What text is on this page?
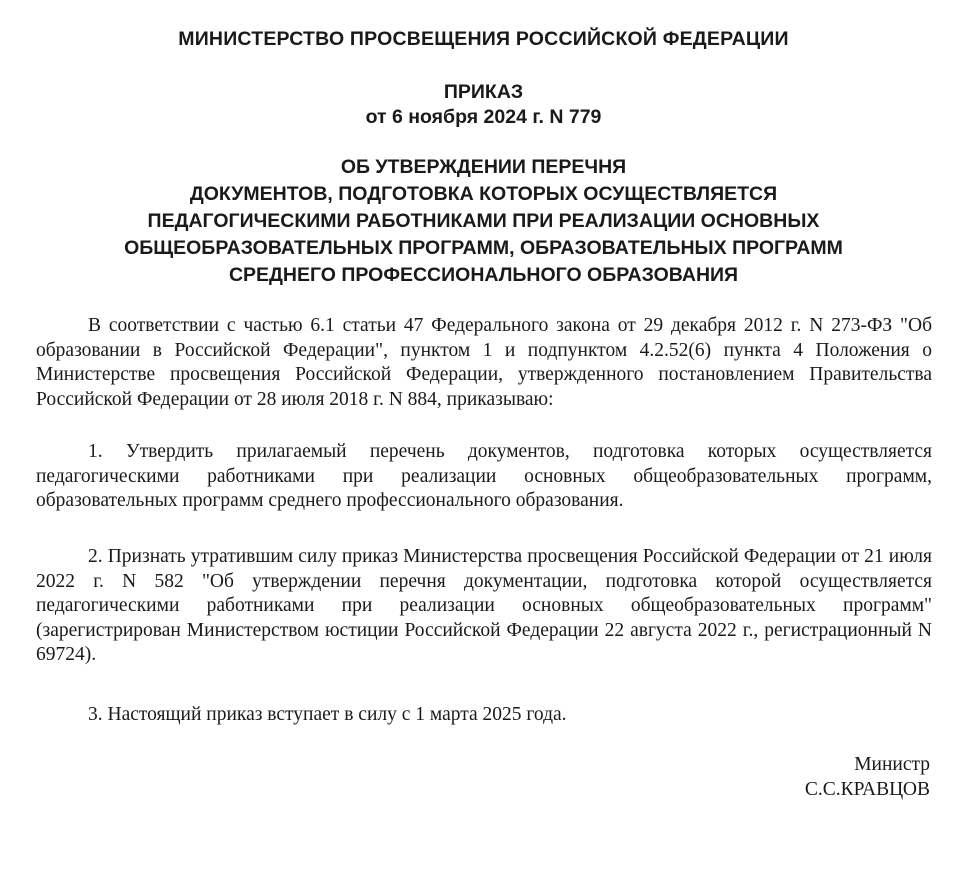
МИНИСТЕРСТВО ПРОСВЕЩЕНИЯ РОССИЙСКОЙ ФЕДЕРАЦИИ
ПРИКАЗ
от 6 ноября 2024 г. N 779
ОБ УТВЕРЖДЕНИИ ПЕРЕЧНЯ
ДОКУМЕНТОВ, ПОДГОТОВКА КОТОРЫХ ОСУЩЕСТВЛЯЕТСЯ
ПЕДАГОГИЧЕСКИМИ РАБОТНИКАМИ ПРИ РЕАЛИЗАЦИИ ОСНОВНЫХ
ОБЩЕОБРАЗОВАТЕЛЬНЫХ ПРОГРАММ, ОБРАЗОВАТЕЛЬНЫХ ПРОГРАММ
СРЕДНЕГО ПРОФЕССИОНАЛЬНОГО ОБРАЗОВАНИЯ

В соответствии с частью 6.1 статьи 47 Федерального закона от 29 декабря 2012 г. N 273-ФЗ "Об образовании в Российской Федерации", пунктом 1 и подпунктом 4.2.52(6) пункта 4 Положения о Министерстве просвещения Российской Федерации, утвержденного постановлением Правительства Российской Федерации от 28 июля 2018 г. N 884, приказываю:

1. Утвердить прилагаемый перечень документов, подготовка которых осуществляется педагогическими работниками при реализации основных общеобразовательных программ, образовательных программ среднего профессионального образования.

2. Признать утратившим силу приказ Министерства просвещения Российской Федерации от 21 июля 2022 г. N 582 "Об утверждении перечня документации, подготовка которой осуществляется педагогическими работниками при реализации основных общеобразовательных программ" (зарегистрирован Министерством юстиции Российской Федерации 22 августа 2022 г., регистрационный N 69724).

3. Настоящий приказ вступает в силу с 1 марта 2025 года.

Министр
С.С.КРАВЦОВ
